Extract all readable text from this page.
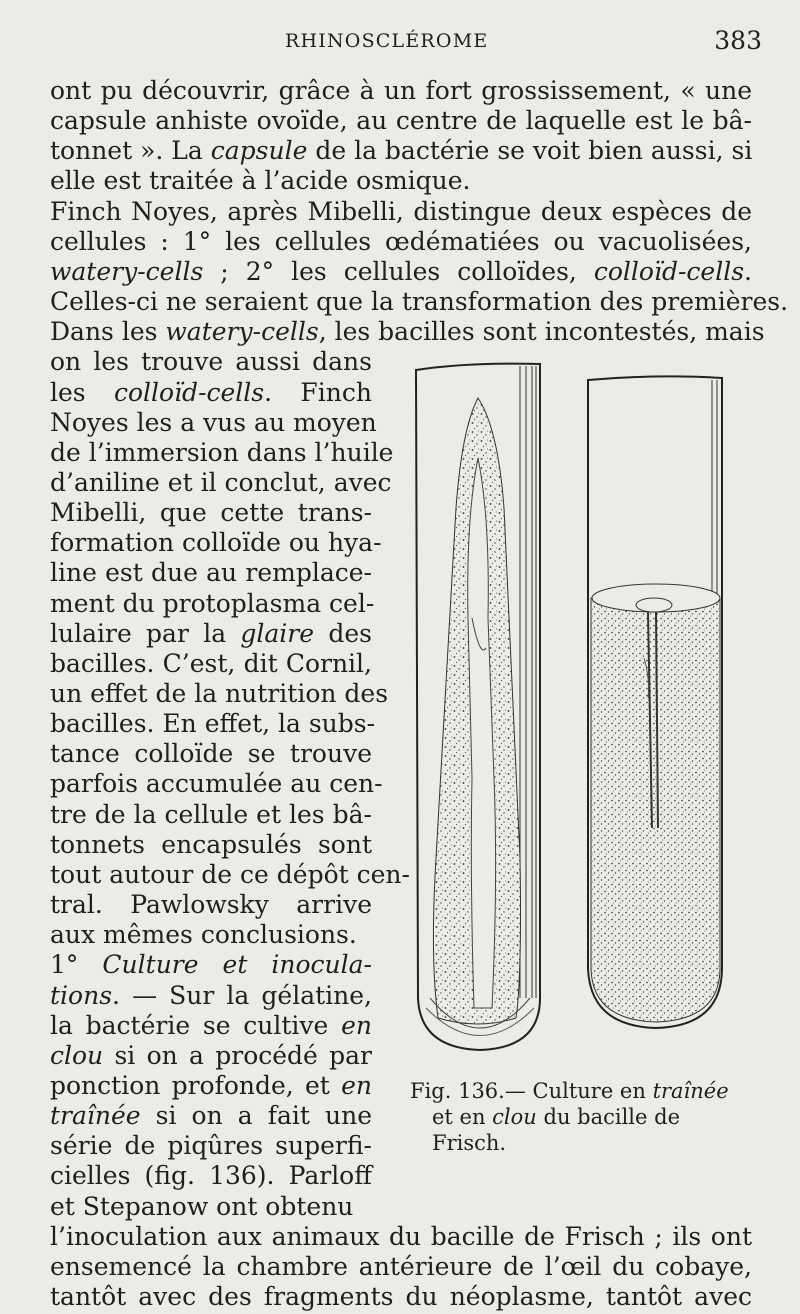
RHINOSCLÉROME	383
ont pu découvrir, grâce à un fort grossissement, « une
capsule anhiste ovoïde, au centre de laquelle est le bâ-
tonnet ». La capsule de la bactérie se voit bien aussi, si
elle est traitée à l’acide osmique.
Finch Noyes, après Mibelli, distingue deux espèces de
cellules : 1° les cellules œdématiées ou vacuolisées,
watery-cells ; 2° les cellules colloïdes, colloïd-cells.
Celles-ci ne seraient que la transformation des premières.
Dans les watery-cells, les bacilles sont incontestés, mais
on les trouve aussi dans
les colloïd-cells. Finch
Noyes les a vus au moyen
de l’immersion dans l’huile
d’aniline et il conclut, avec
Mibelli, que cette trans-
formation colloïde ou hya-
line est due au remplace-
ment du protoplasma cel-
lulaire par la glaire des
bacilles. C’est, dit Cornil,
un effet de la nutrition des
bacilles. En effet, la subs-
tance colloïde se trouve
parfois accumulée au cen-
tre de la cellule et les bâ-
tonnets encapsulés sont
tout autour de ce dépôt cen-
tral. Pawlowsky arrive
aux mêmes conclusions.
1° Culture et inocula-
tions. — Sur la gélatine,
la bactérie se cultive en
clou si on a procédé par
ponction profonde, et en
traînée si on a fait une
série de piqûres superfi-
cielles (fig. 136). Parloff
et Stepanow ont obtenu
l’inoculation aux animaux du bacille de Frisch ; ils ont
ensemencé la chambre antérieure de l’œil du cobaye,
tantôt avec des fragments du néoplasme, tantôt avec
Fig. 136.— Culture en traînée
et en clou du bacille de
Frisch.
